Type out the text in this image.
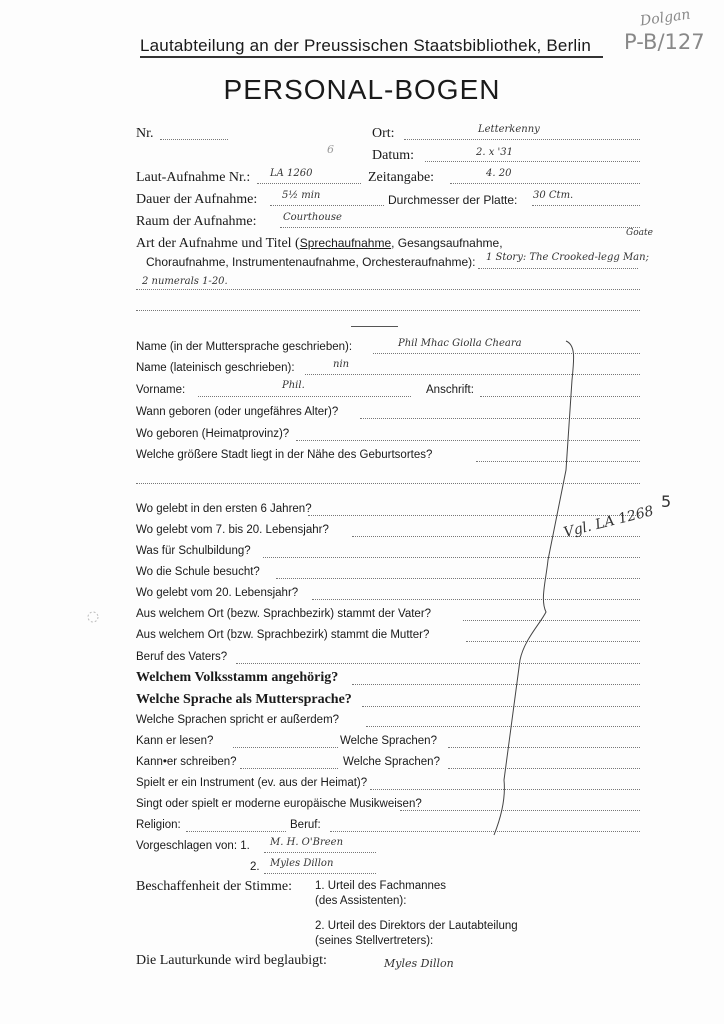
Lautabteilung an der Preussischen Staatsbibliothek, Berlin
Dolgan
P-B/127
PERSONAL-BOGEN
Nr.	Ort:	Letterkenny
6	Datum:	2. x '31
Laut-Aufnahme Nr.: LA 1260	Zeitangabe:	4. 20
Dauer der Aufnahme: 5½ min	Durchmesser der Platte: 30 Ctm.
Raum der Aufnahme:	Courthouse
Art der Aufnahme und Titel (Sprechaufnahme, Gesangsaufnahme,
Choraufnahme, Instrumentenaufnahme, Orchesteraufnahme): 1 Story: The Crooked-legg Man;
Goate
2 numerals 1-20.
Name (in der Muttersprache geschrieben):	Phil Mhac Giolla Cheara
Name (lateinisch geschrieben):	nin
Vorname:	Phil.	Anschrift:
Wann geboren (oder ungefähres Alter)?
Wo geboren (Heimatprovinz)?
Welche größere Stadt liegt in der Nähe des Geburtsortes?
Wo gelebt in den ersten 6 Jahren?
Wo gelebt vom 7. bis 20. Lebensjahr?
Was für Schulbildung?
Wo die Schule besucht?
Wo gelebt vom 20. Lebensjahr?
Aus welchem Ort (bezw. Sprachbezirk) stammt der Vater?
Aus welchem Ort (bzw. Sprachbezirk) stammt die Mutter?
Beruf des Vaters?
Welchem Volksstamm angehörig?
Welche Sprache als Muttersprache?
Welche Sprachen spricht er außerdem?
Kann er lesen?	Welche Sprachen?
Kann•er schreiben?	Welche Sprachen?
Spielt er ein Instrument (ev. aus der Heimat)?
Singt oder spielt er moderne europäische Musikweisen?
Religion:	Beruf:
5
Vgl. LA 1268
Vorgeschlagen von: 1. M. H. O'Breen
2. Myles Dillon
Beschaffenheit der Stimme: 1. Urteil des Fachmannes
(des Assistenten):
2. Urteil des Direktors der Lautabteilung
(seines Stellvertreters):
Die Lauturkunde wird beglaubigt:	Myles Dillon
